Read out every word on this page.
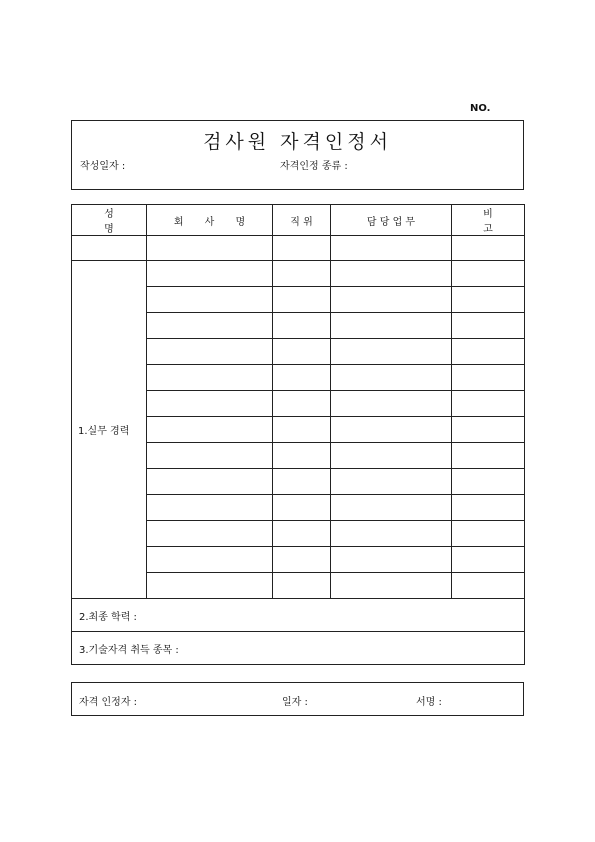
NO.
검사원 자격인정서
작성일자 :	자격인정 종류 :
성 명	회 사 명	직 위	담 당 업 무	비 고

1.실무 경력				

2.최종 학력 :				
3.기술자격 취득 종목 :				
자격 인정자 :	일자 :	서명 :
